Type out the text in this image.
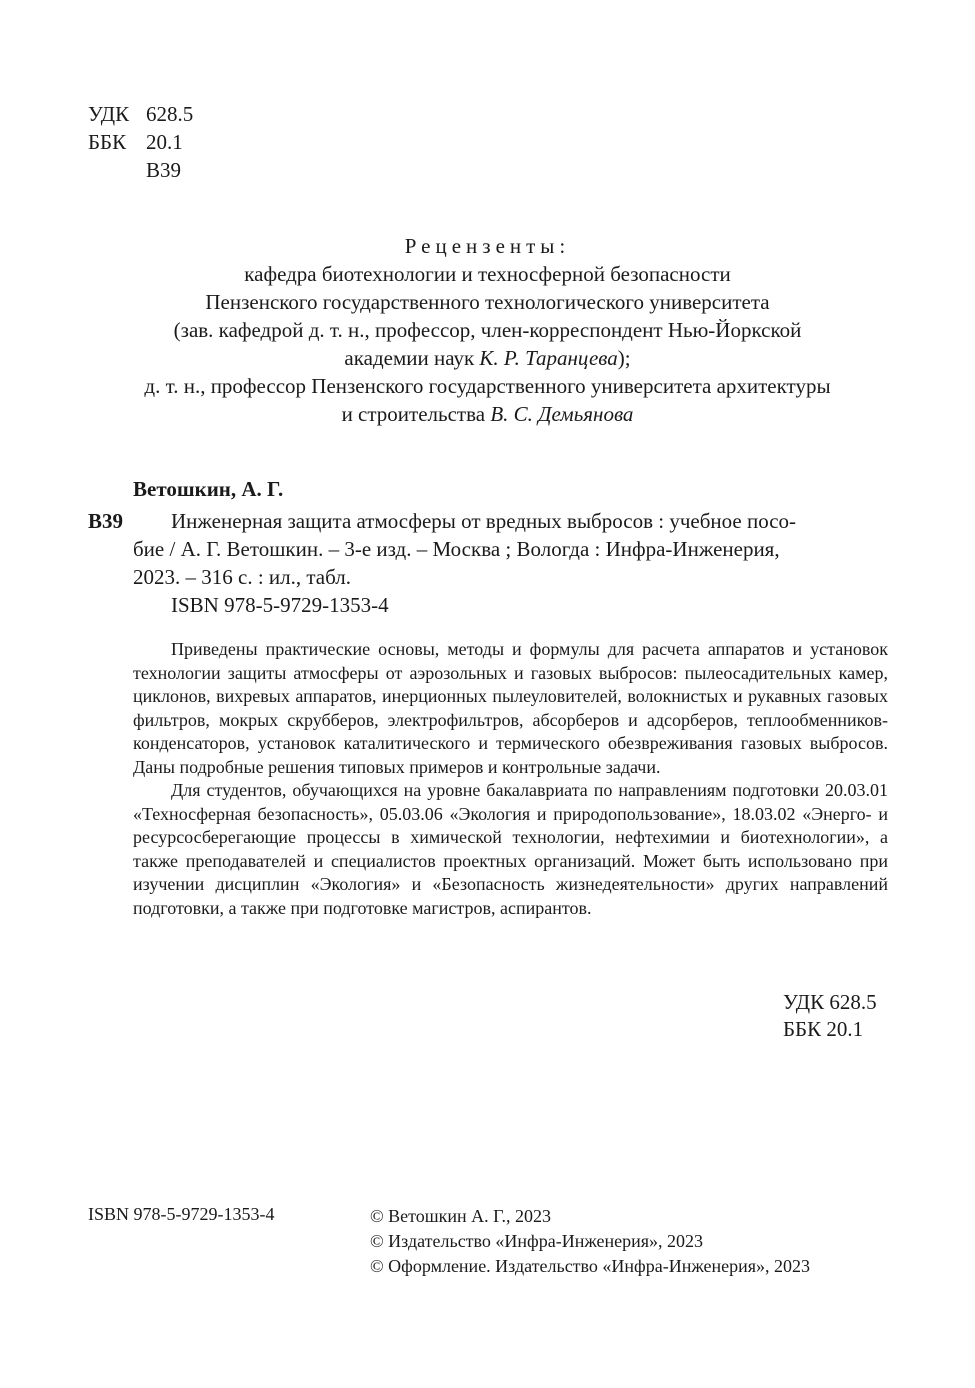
УДК 628.5
ББК 20.1
В39
Рецензенты:
кафедра биотехнологии и техносферной безопасности
Пензенского государственного технологического университета
(зав. кафедрой д. т. н., профессор, член-корреспондент Нью-Йоркской
академии наук К. Р. Таранцева);
д. т. н., профессор Пензенского государственного университета архитектуры
и строительства В. С. Демьянова
Ветошкин, А. Г.
В39	Инженерная защита атмосферы от вредных выбросов : учебное посо-
бие / А. Г. Ветошкин. – 3-е изд. – Москва ; Вологда : Инфра-Инженерия,
2023. – 316 с. : ил., табл.
ISBN 978-5-9729-1353-4

Приведены практические основы, методы и формулы для расчета аппаратов и установок технологии защиты атмосферы от аэрозольных и газовых выбросов: пылеосадительных камер, циклонов, вихревых аппаратов, инерционных пылеуловителей, волокнистых и рукавных газовых фильтров, мокрых скрубберов, электрофильтров, абсорберов и адсорберов, теплообменников-конденсаторов, установок каталитического и термического обезвреживания газовых выбросов. Даны подробные решения типовых примеров и контрольные задачи.

Для студентов, обучающихся на уровне бакалавриата по направлениям подготовки 20.03.01 «Техносферная безопасность», 05.03.06 «Экология и природопользование», 18.03.02 «Энерго- и ресурсосберегающие процессы в химической технологии, нефтехимии и биотехнологии», а также преподавателей и специалистов проектных организаций. Может быть использовано при изучении дисциплин «Экология» и «Безопасность жизнедеятельности» других направлений подготовки, а также при подготовке магистров, аспирантов.

УДК 628.5
ББК 20.1
ISBN 978-5-9729-1353-4	© Ветошкин А. Г., 2023
© Издательство «Инфра-Инженерия», 2023
© Оформление. Издательство «Инфра-Инженерия», 2023
